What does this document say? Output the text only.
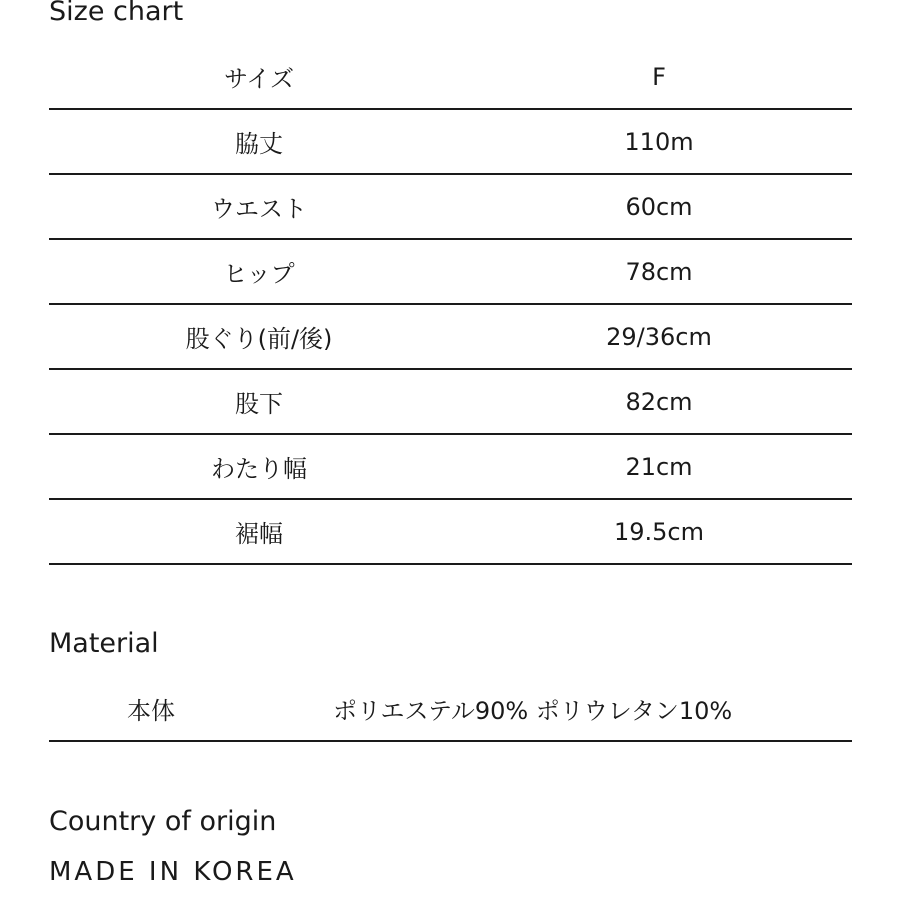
Size chart
サイズ	F
脇丈	110m
ウエスト	60cm
ヒップ	78cm
股ぐり(前/後)	29/36cm
股下	82cm
わたり幅	21cm
裾幅	19.5cm
Material
本体	ポリエステル90% ポリウレタン10%
Country of origin
MADE IN KOREA
